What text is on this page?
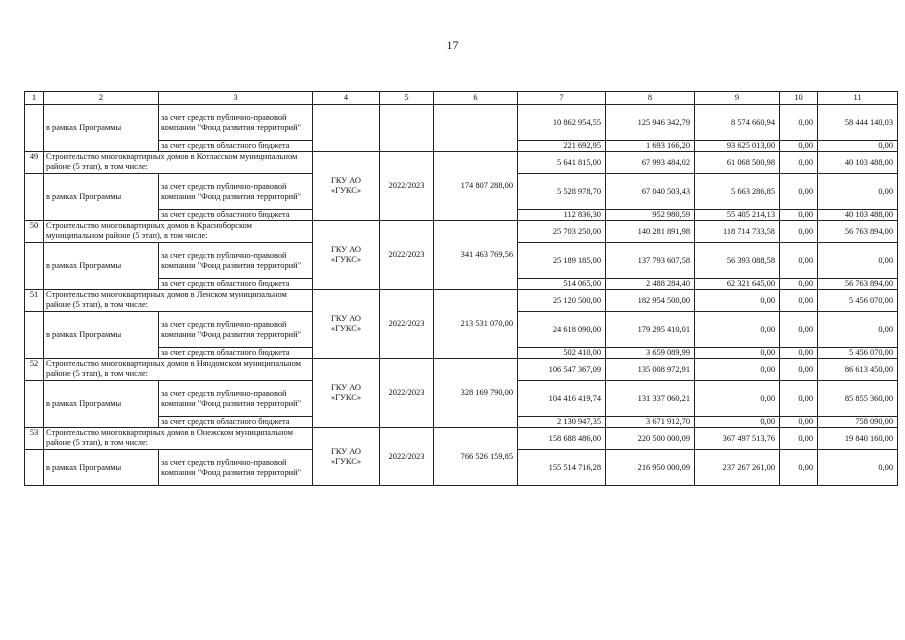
17
1	2	3	4	5	6	7	8	9	10	11
	в рамках Программы	за счет средств публично-правовой компании "Фонд развития территорий"				10 862 954,55	125 946 342,79	8 574 660,94	0,00	58 444 140,03
		за счет средств областного бюджета				221 692,95	1 693 166,20	93 625 013,00	0,00	0,00
49	Строительство многоквартирных домов в Котласском муниципальном районе (5 этап), в том числе:		ГКУ АО «ГУКС»	2022/2023	174 807 288,00	5 641 815,00	67 993 484,02	61 068 500,98	0,00	40 103 488,00
	в рамках Программы	за счет средств публично-правовой компании "Фонд развития территорий"				5 528 978,70	67 040 503,43	5 663 286,85	0,00	0,00
		за счет средств областного бюджета				112 836,30	952 980,59	55 405 214,13	0,00	40 103 488,00
50	Строительство многоквартирных домов в Красноборском муниципальном районе (5 этап), в том числе:		ГКУ АО «ГУКС»	2022/2023	341 463 769,56	25 703 250,00	140 281 891,98	118 714 733,58	0,00	56 763 894,00
	в рамках Программы	за счет средств публично-правовой компании "Фонд развития территорий"				25 189 185,00	137 793 607,58	56 393 088,58	0,00	0,00
		за счет средств областного бюджета				514 065,00	2 488 284,40	62 321 645,00	0,00	56 763 894,00
51	Строительство многоквартирных домов в Ленском муниципальном районе (5 этап), в том числе:		ГКУ АО «ГУКС»	2022/2023	213 531 070,00	25 120 500,00	182 954 500,00	0,00	0,00	5 456 070,00
	в рамках Программы	за счет средств публично-правовой компании "Фонд развития территорий"				24 618 090,00	179 295 410,01	0,00	0,00	0,00
		за счет средств областного бюджета				502 410,00	3 659 089,99	0,00	0,00	5 456 070,00
52	Строительство многоквартирных домов в Няндомском муниципальном районе (5 этап), в том числе:		ГКУ АО «ГУКС»	2022/2023	328 169 790,00	106 547 367,09	135 008 972,91	0,00	0,00	86 613 450,00
	в рамках Программы	за счет средств публично-правовой компании "Фонд развития территорий"				104 416 419,74	131 337 060,21	0,00	0,00	85 855 360,00
		за счет средств областного бюджета				2 130 947,35	3 671 912,70	0,00	0,00	758 090,00
53	Строительство многоквартирных домов в Онежском муниципальном районе (5 этап), в том числе:		ГКУ АО «ГУКС»	2022/2023	766 526 159,85	158 688 486,00	220 500 000,09	367 497 513,76	0,00	19 840 160,00
	в рамках Программы	за счет средств публично-правовой компании "Фонд развития территорий"				155 514 716,28	216 950 000,09	237 267 261,00	0,00	0,00
